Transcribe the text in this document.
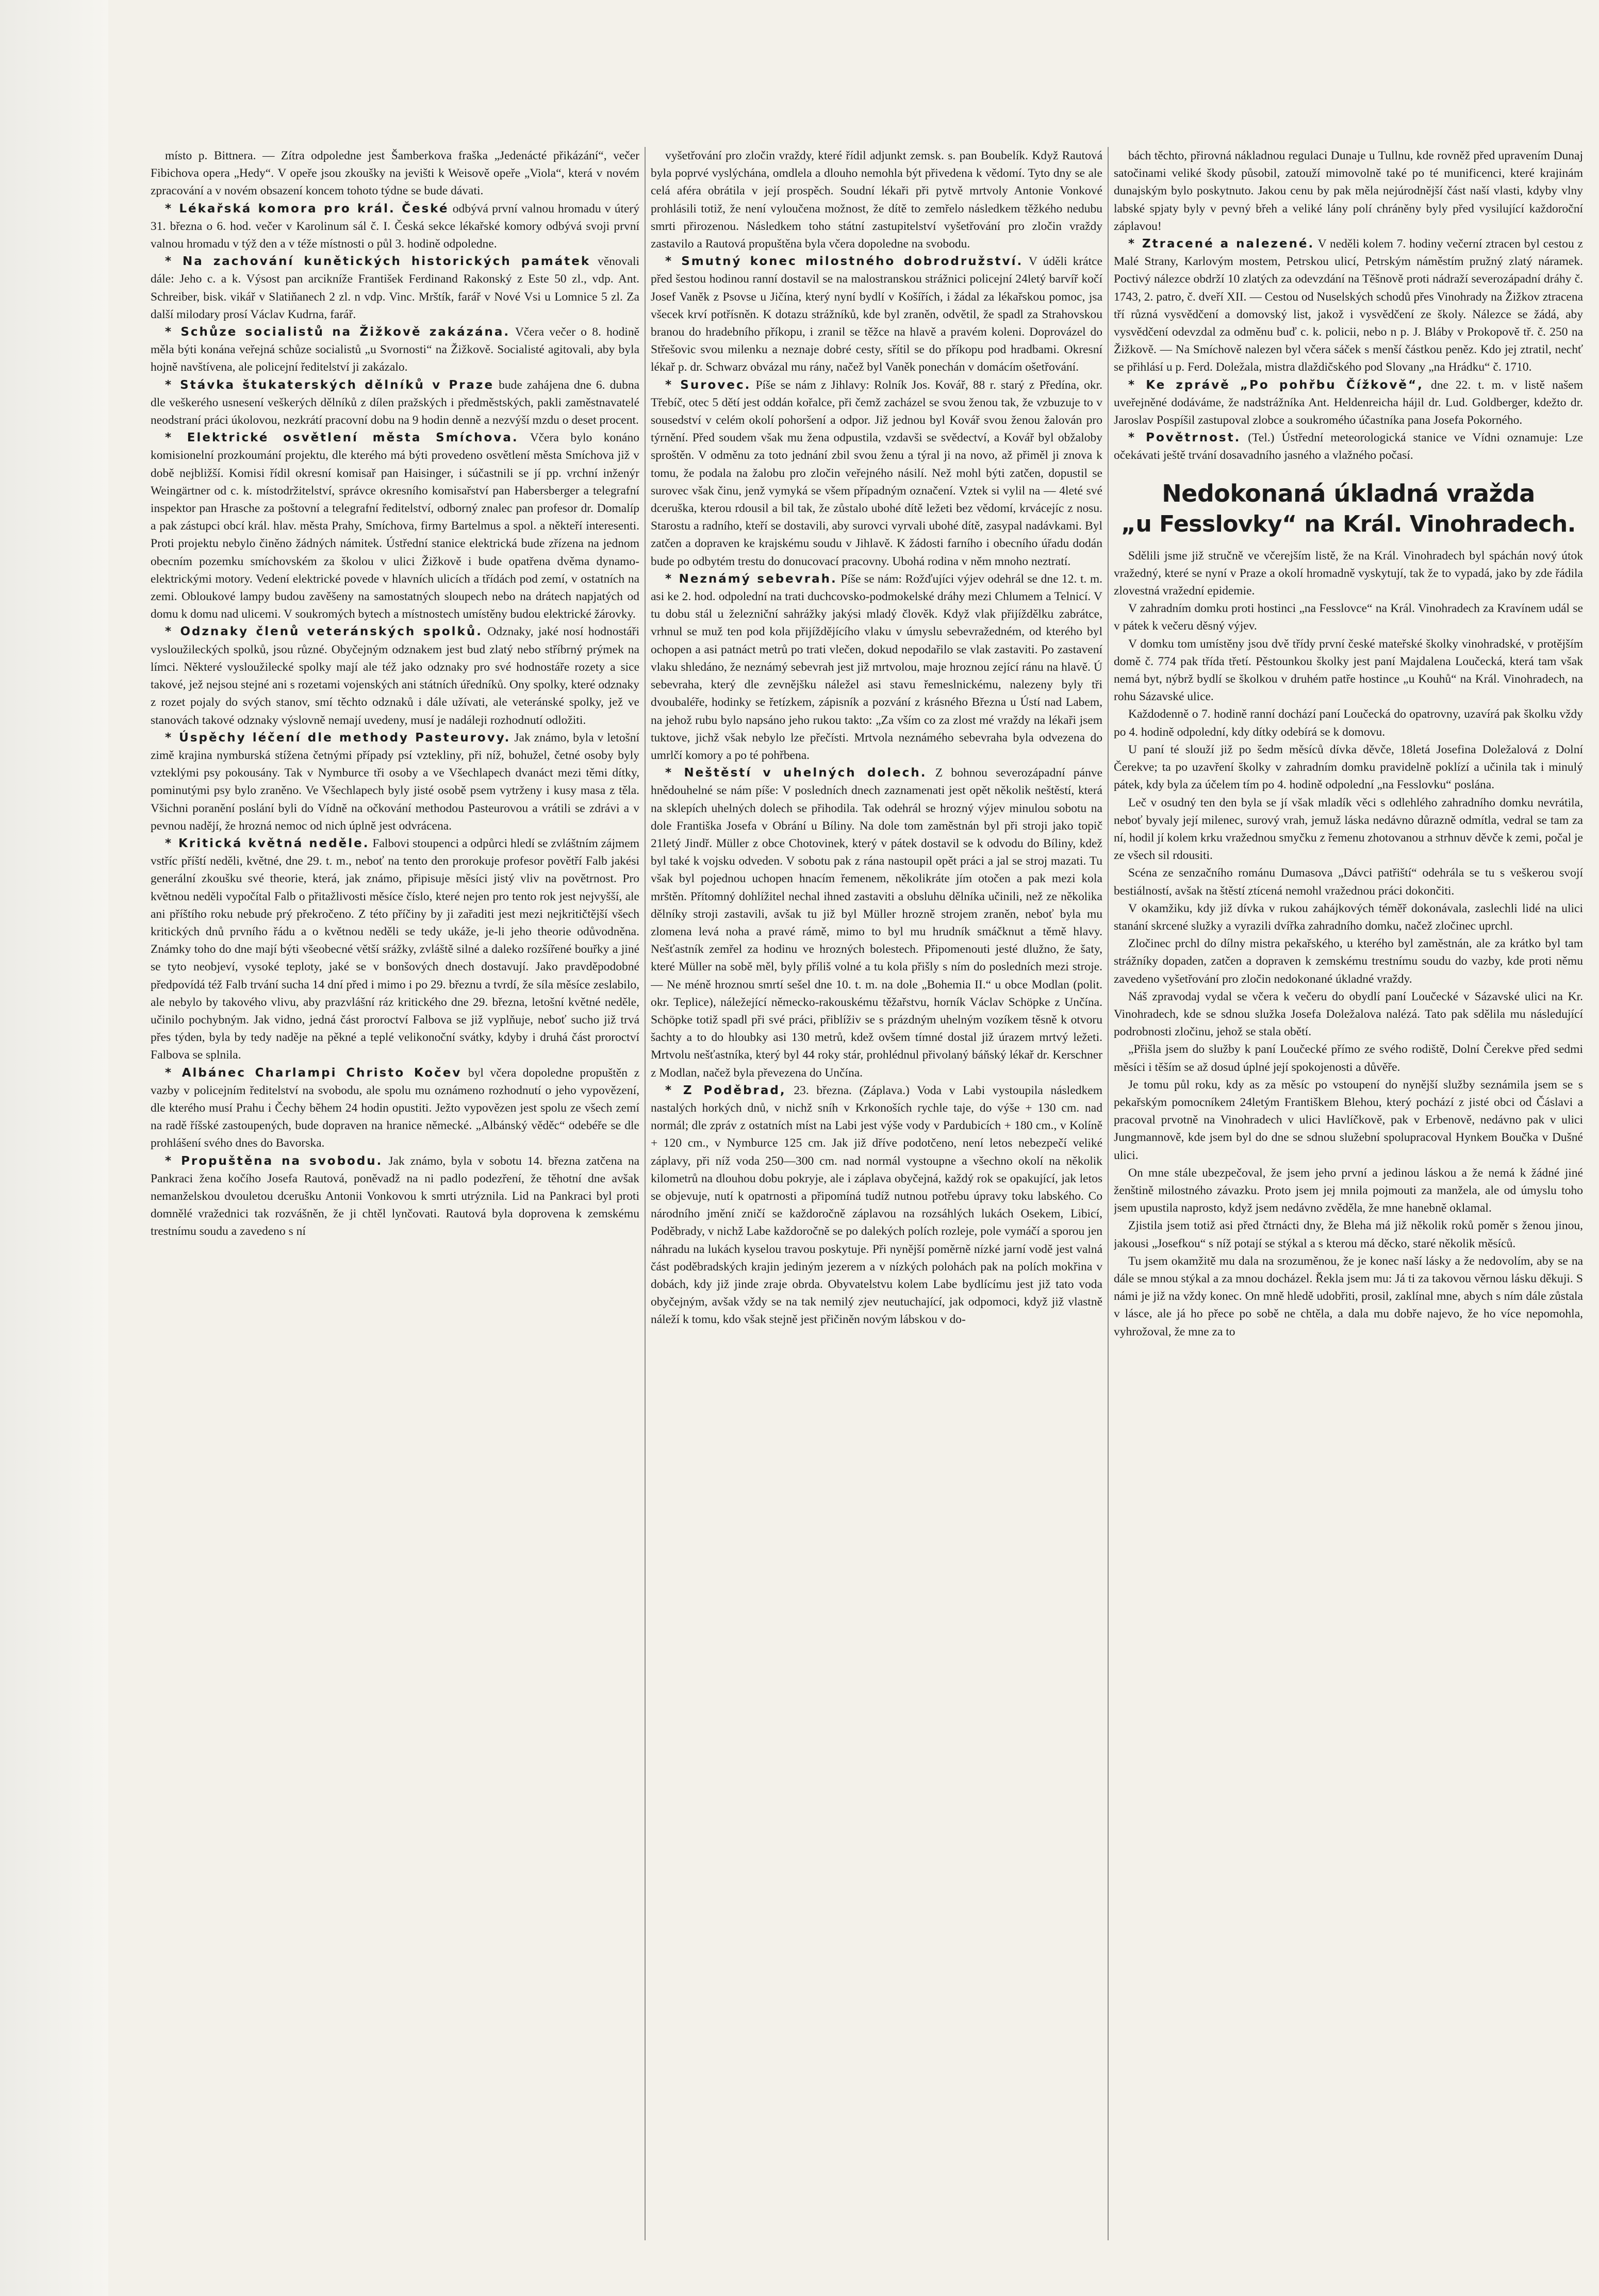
místo p. Bittnera. — Zítra odpoledne jest Šamberkova fraška „Jedenácté přikázání“, večer Fibichova opera „Hedy“. V opeře jsou zkoušky na jevišti k Weisově opeře „Viola“, která v novém zpracování a v novém obsazení koncem tohoto týdne se bude dávati.

* Lékařská komora pro král. České odbývá první valnou hromadu v úterý 31. března o 6. hod. večer v Karolinum sál č. I. Česká sekce lékařské komory odbývá svoji první valnou hromadu v týž den a v téže místnosti o půl 3. hodině odpoledne.

* Na zachování kunětických historických památek věnovali dále: Jeho c. a k. Výsost pan arcikníže František Ferdinand Rakonský z Este 50 zl., vdp. Ant. Schreiber, bisk. vikář v Slatiňanech 2 zl. n vdp. Vinc. Mrštík, farář v Nové Vsi u Lomnice 5 zl. Za další milodary prosí Václav Kudrna, farář.

* Schůze socialistů na Žižkově zakázána. Včera večer o 8. hodině měla býti konána veřejná schůze socialistů „u Svornosti“ na Žižkově. Socialisté agitovali, aby byla hojně navštívena, ale policejní ředitelství ji zakázalo.

* Stávka štukaterských dělníků v Praze bude zahájena dne 6. dubna dle veškerého usnesení veškerých dělníků z dílen pražských i předměstských, pakli zaměstnavatelé neodstraní práci úkolovou, nezkrátí pracovní dobu na 9 hodin denně a nezvýší mzdu o deset procent.

* Elektrické osvětlení města Smíchova. Včera bylo konáno komisionelní prozkoumání projektu, dle kterého má býti provedeno osvětlení města Smíchova již v době nejbližší. Komisi řídil okresní komisař pan Haisinger, i súčastnili se jí pp. vrchní inženýr Weingärtner od c. k. místodržitelství, správce okresního komisařství pan Habersberger a telegrafní inspektor pan Hrasche za poštovní a telegrafní ředitelství, odborný znalec pan profesor dr. Domalíp a pak zástupci obcí král. hlav. města Prahy, Smíchova, firmy Bartelmus a spol. a někteří interesenti. Proti projektu nebylo činěno žádných námitek. Ústřední stanice elektrická bude zřízena na jednom obecním pozemku smíchovském za školou v ulici Žižkově i bude opatřena dvěma dynamo-elektrickými motory. Vedení elektrické povede v hlavních ulicích a třídách pod zemí, v ostatních na zemi. Obloukové lampy budou zavěšeny na samostatných sloupech nebo na drátech napjatých od domu k domu nad ulicemi. V soukromých bytech a místnostech umístěny budou elektrické žárovky.

* Odznaky členů veteránských spolků. Odznaky, jaké nosí hodnostáři vysloužileckých spolků, jsou různé. Obyčejným odznakem jest bud zlatý nebo stříbrný prýmek na límci. Některé vysloužilecké spolky mají ale též jako odznaky pro své hodnostáře rozety a sice takové, jež nejsou stejné ani s rozetami vojenských ani státních úředníků. Ony spolky, které odznaky z rozet pojaly do svých stanov, smí těchto odznaků i dále užívati, ale veteránské spolky, jež ve stanovách takové odznaky výslovně nemají uvedeny, musí je nadáleji rozhodnutí odložiti.

* Úspěchy léčení dle methody Pasteurovy. Jak známo, byla v letošní zimě krajina nymburská stížena četnými případy psí vztekliny, při níž, bohužel, četné osoby byly vzteklými psy pokousány. Tak v Nymburce tři osoby a ve Všechlapech dvanáct mezi těmi dítky, pominutými psy bylo zraněno. Ve Všechlapech byly jisté osobě psem vytrženy i kusy masa z těla. Všichni poranění poslání byli do Vídně na očkování methodou Pasteurovou a vrátili se zdrávi a v pevnou nadějí, že hrozná nemoc od nich úplně jest odvrácena.

* Kritická květná neděle. Falbovi stoupenci a odpůrci hledí se zvláštním zájmem vstříc příští neděli, květné, dne 29. t. m., neboť na tento den prorokuje profesor povětří Falb jakési generální zkoušku své theorie, která, jak známo, připisuje měsíci jistý vliv na povětrnost. Pro květnou neděli vypočítal Falb o přitažlivosti měsíce číslo, které nejen pro tento rok jest nejvyšší, ale ani příštího roku nebude prý překročeno. Z této příčiny by ji zařaditi jest mezi nejkritičtější všech kritických dnů prvního řádu a o květnou neděli se tedy ukáže, je-li jeho theorie odůvodněna. Známky toho do dne mají býti všeobecné větší srážky, zvláště silné a daleko rozšířené bouřky a jiné se tyto neobjeví, vysoké teploty, jaké se v bonšových dnech dostavují. Jako pravděpodobné předpovídá též Falb trvání sucha 14 dní před i mimo i po 29. březnu a tvrdí, že síla měsíce zeslabilo, ale nebylo by takového vlivu, aby prazvlášní ráz kritického dne 29. března, letošní květné neděle, učinilo pochybným. Jak vidno, jedná část proroctví Falbova se již vyplňuje, neboť sucho již trvá přes týden, byla by tedy naděje na pěkné a teplé velikonoční svátky, kdyby i druhá část proroctví Falbova se splnila.

* Albánec Charlampi Christo Kočev byl včera dopoledne propuštěn z vazby v policejním ředitelství na svobodu, ale spolu mu oznámeno rozhodnutí o jeho vypovězení, dle kterého musí Prahu i Čechy během 24 hodin opustiti. Ježto vypovězen jest spolu ze všech zemí na radě říšské zastoupených, bude dopraven na hranice německé. „Albánský věděc“ odebéře se dle prohlášení svého dnes do Bavorska.

* Propuštěna na svobodu. Jak známo, byla v sobotu 14. března zatčena na Pankraci žena kočího Josefa Rautová, poněvadž na ni padlo podezření, že těhotní dne avšak nemanželskou dvouletou dcerušku Antonii Vonkovou k smrti utrýznila. Lid na Pankraci byl proti domnělé vražednici tak rozvášněn, že ji chtěl lynčovati. Rautová byla doprovena k zemskému trestnímu soudu a zavedeno s ní

vyšetřování pro zločin vraždy, které řídil adjunkt zemsk. s. pan Boubelík. Když Rautová byla poprvé vyslýchána, omdlela a dlouho nemohla být přivedena k vědomí. Tyto dny se ale celá aféra obrátila v její prospěch. Soudní lékaři při pytvě mrtvoly Antonie Vonkové prohlásili totiž, že není vyloučena možnost, že dítě to zemřelo následkem těžkého nedubu smrti přirozenou. Následkem toho státní zastupitelství vyšetřování pro zločin vraždy zastavilo a Rautová propuštěna byla včera dopoledne na svobodu.

* Smutný konec milostného dobrodružství. V úděli krátce před šestou hodinou ranní dostavil se na malostranskou strážnici policejní 24letý barvíř kočí Josef Vaněk z Psovse u Jičína, který nyní bydlí v Košířích, i žádal za lékařskou pomoc, jsa všecek krví potřísněn. K dotazu strážníků, kde byl zraněn, odvětil, že spadl za Strahovskou branou do hradebního příkopu, i zranil se těžce na hlavě a pravém koleni. Doprovázel do Střešovic svou milenku a neznaje dobré cesty, sřítil se do příkopu pod hradbami. Okresní lékař p. dr. Schwarz obvázal mu rány, načež byl Vaněk ponechán v domácím ošetřování.

* Surovec. Píše se nám z Jihlavy: Rolník Jos. Kovář, 88 r. starý z Předína, okr. Třebíč, otec 5 dětí jest oddán kořalce, při čemž zacházel se svou ženou tak, že vzbuzuje to v sousedství v celém okolí pohoršení a odpor. Již jednou byl Kovář svou ženou žalován pro týrnění. Před soudem však mu žena odpustila, vzdavši se svědectví, a Kovář byl obžaloby sproštěn. V odměnu za toto jednání zbil svou ženu a týral ji na novo, až přiměl ji znova k tomu, že podala na žalobu pro zločin veřejného násilí. Než mohl býti zatčen, dopustil se surovec však činu, jenž vymyká se všem případným označení. Vztek si vylil na — 4leté své dceruška, kterou rdousil a bil tak, že zůstalo ubohé dítě ležeti bez vědomí, krvácejíc z nosu. Starostu a radního, kteří se dostavili, aby surovci vyrvali ubohé dítě, zasypal nadávkami. Byl zatčen a dopraven ke krajskému soudu v Jihlavě. K žádosti farního i obecního úřadu dodán bude po odbytém trestu do donucovací pracovny. Ubohá rodina v něm mnoho neztratí.

* Neznámý sebevrah. Píše se nám: Rožďujíci výjev odehrál se dne 12. t. m. asi ke 2. hod. odpolední na trati duchcovsko-podmokelské dráhy mezi Chlumem a Telnicí. V tu dobu stál u železniční sahrážky jakýsi mladý člověk. Když vlak přijíždělku zabrátce, vrhnul se muž ten pod kola přijíždějícího vlaku v úmyslu sebevražedném, od kterého byl ochopen a asi patnáct metrů po trati vlečen, dokud nepodařilo se vlak zastaviti. Po zastavení vlaku shledáno, že neznámý sebevrah jest již mrtvolou, maje hroznou zející ránu na hlavě. Ú sebevraha, který dle zevnějšku náležel asi stavu řemeslnickému, nalezeny byly tři dvoubaléře, hodinky se řetízkem, zápisník a pozvání z krásného Března u Ústí nad Labem, na jehož rubu bylo napsáno jeho rukou takto: „Za vším co za zlost mé vraždy na lékaři jsem tuktove, jichž však nebylo lze přečísti. Mrtvola neznámého sebevraha byla odvezena do umrlčí komory a po té pohřbena.

* Neštěstí v uhelných dolech. Z bohnou severozápadní pánve hnědouhelné se nám píše: V posledních dnech zaznamenati jest opět několik neštěstí, která na sklepích uhelných dolech se přihodila. Tak odehrál se hrozný výjev minulou sobotu na dole Františka Josefa v Obrání u Bíliny. Na dole tom zaměstnán byl při stroji jako topič 21letý Jindř. Müller z obce Chotovinek, který v pátek dostavil se k odvodu do Bíliny, kdež byl také k vojsku odveden. V sobotu pak z rána nastoupil opět práci a jal se stroj mazati. Tu však byl pojednou uchopen hnacím řemenem, několikráte jím otočen a pak mezi kola mrštěn. Přítomný dohlížitel nechal ihned zastaviti a obsluhu dělníka učinili, než ze několika dělníky stroji zastavili, avšak tu již byl Müller hrozně strojem zraněn, neboť byla mu zlomena levá noha a pravé rámě, mimo to byl mu hrudník smáčknut a těmě hlavy. Nešťastník zemřel za hodinu ve hrozných bolestech. Připomenouti jesté dlužno, že šaty, které Müller na sobě měl, byly příliš volné a tu kola přišly s ním do posledních mezi stroje. — Ne méně hroznou smrtí sešel dne 10. t. m. na dole „Bohemia II.“ u obce Modlan (polit. okr. Teplice), náležející německo-rakouskému těžařstvu, horník Václav Schöpke z Unčína. Schöpke totiž spadl při své práci, přiblíživ se s prázdným uhelným vozíkem těsně k otvoru šachty a to do hloubky asi 130 metrů, kdež ovšem tímné dostal již úrazem mrtvý ležeti. Mrtvolu nešťastníka, který byl 44 roky stár, prohlédnul přivolaný báňský lékař dr. Kerschner z Modlan, načež byla převezena do Unčína.

* Z Poděbrad, 23. března. (Záplava.) Voda v Labi vystoupila následkem nastalých horkých dnů, v nichž sníh v Krkonoších rychle taje, do výše + 130 cm. nad normál; dle zpráv z ostatních míst na Labi jest výše vody v Pardubicích + 180 cm., v Kolíně + 120 cm., v Nymburce 125 cm. Jak již dříve podotčeno, není letos nebezpečí veliké záplavy, při níž voda 250—300 cm. nad normál vystoupne a všechno okolí na několik kilometrů na dlouhou dobu pokryje, ale i záplava obyčejná, každý rok se opakující, jak letos se objevuje, nutí k opatrnosti a připomíná tudíž nutnou potřebu úpravy toku labského. Co národního jmění zničí se každoročně záplavou na rozsáhlých lukách Osekem, Libicí, Poděbrady, v nichž Labe každoročně se po dalekých polích rozleje, pole vymáčí a sporou jen náhradu na lukách kyselou travou poskytuje. Při nynější poměrně nízké jarní vodě jest valná část poděbradských krajin jediným jezerem a v nízkých polohách pak na polích mokřina v dobách, kdy již jinde zraje obrda. Obyvatelstvu kolem Labe bydlícímu jest již tato voda obyčejným, avšak vždy se na tak nemilý zjev neutuchající, jak odpomoci, když již vlastně náleží k tomu, kdo však stejně jest přičiněn novým lábskou v do-

bách těchto, přirovná nákladnou regulaci Dunaje u Tullnu, kde rovněž před upravením Dunaj satočinami veliké škody působil, zatouží mimovolně také po té munificenci, které krajinám dunajským bylo poskytnuto. Jakou cenu by pak měla nejúrodnější část naší vlasti, kdyby vlny labské spjaty byly v pevný břeh a veliké lány polí chráněny byly před vysilující každoroční záplavou!

* Ztracené a nalezené. V neděli kolem 7. hodiny večerní ztracen byl cestou z Malé Strany, Karlovým mostem, Petrskou ulicí, Petrským náměstím pružný zlatý náramek. Poctivý nálezce obdrží 10 zlatých za odevzdání na Těšnově proti nádraží severozápadní dráhy č. 1743, 2. patro, č. dveří XII. — Cestou od Nuselských schodů přes Vinohrady na Žižkov ztracena tří různá vysvědčení a domovský list, jakož i vysvědčení ze školy. Nálezce se žádá, aby vysvědčení odevzdal za odměnu buď c. k. policii, nebo n p. J. Bláby v Prokopově tř. č. 250 na Žižkově. — Na Smíchově nalezen byl včera sáček s menší částkou peněz. Kdo jej ztratil, nechť se přihlásí u p. Ferd. Doležala, mistra dlaždičského pod Slovany „na Hrádku“ č. 1710.

* Ke zprávě „Po pohřbu Čížkově“, dne 22. t. m. v listě našem uveřejněné dodáváme, že nadstrážníka Ant. Heldenreicha hájil dr. Lud. Goldberger, kdežto dr. Jaroslav Pospíšil zastupoval zlobce a soukromého účastníka pana Josefa Pokorného.

* Povětrnost. (Tel.) Ústřední meteorologická stanice ve Vídni oznamuje: Lze očekávati ještě trvání dosavadního jasného a vlažného počasí.

Nedokonaná úkladná vražda
„u Fesslovky“ na Král. Vinohradech.

Sdělili jsme již stručně ve včerejším listě, že na Král. Vinohradech byl spáchán nový útok vražedný, které se nyní v Praze a okolí hromadně vyskytují, tak že to vypadá, jako by zde řádila zlovestná vražední epidemie.

V zahradním domku proti hostinci „na Fesslovce“ na Král. Vinohradech za Kravínem udál se v pátek k večeru děsný výjev.

V domku tom umístěny jsou dvě třídy první české mateřské školky vinohradské, v protějším domě č. 774 pak třída třetí. Pěstounkou školky jest paní Majdalena Loučecká, která tam však nemá byt, nýbrž bydlí se školkou v druhém patře hostince „u Kouhů“ na Král. Vinohradech, na rohu Sázavské ulice.

Každodenně o 7. hodině ranní dochází paní Loučecká do opatrovny, uzavírá pak školku vždy po 4. hodině odpolední, kdy dítky odebírá se k domovu.

U paní té slouží již po šedm měsíců dívka děvče, 18letá Josefina Doležalová z Dolní Čerekve; ta po uzavření školky v zahradním domku pravidelně poklízí a učinila tak i minulý pátek, kdy byla za účelem tím po 4. hodině odpolední „na Fesslovku“ poslána.

Leč v osudný ten den byla se jí však mladík věci s odlehlého zahradního domku nevrátila, neboť byvaly její milenec, surový vrah, jemuž láska nedávno důrazně odmítla, vedral se tam za ní, hodil jí kolem krku vražednou smyčku z řemenu zhotovanou a strhnuv děvče k zemi, počal je ze všech sil rdousiti.

Scéna ze senzačního románu Dumasova „Dávci patřiští“ odehrála se tu s veškerou svojí bestiálností, avšak na štěstí ztícená nemohl vražednou práci dokončiti.

V okamžiku, kdy již dívka v rukou zahájkových téměř dokonávala, zaslechli lidé na ulici stanání skrcené služky a vyrazili dvířka zahradního domku, načež zločinec uprchl.

Zločinec prchl do dílny mistra pekařského, u kterého byl zaměstnán, ale za krátko byl tam strážníky dopaden, zatčen a dopraven k zemskému trestnímu soudu do vazby, kde proti němu zavedeno vyšetřování pro zločin nedokonané úkladné vraždy.

Náš zpravodaj vydal se včera k večeru do obydlí paní Loučecké v Sázavské ulici na Kr. Vinohradech, kde se sdnou služka Josefa Doležalova nalézá. Tato pak sdělila mu následující podrobnosti zločinu, jehož se stala obětí.

„Přišla jsem do služby k paní Loučecké přímo ze svého rodiště, Dolní Čerekve před sedmi měsíci i těším se až dosud úplné její spokojenosti a důvěře.

Je tomu půl roku, kdy as za měsíc po vstoupení do nynější služby seznámila jsem se s pekařským pomocníkem 24letým Františkem Blehou, který pochází z jisté obci od Čáslavi a pracoval prvotně na Vinohradech v ulici Havlíčkově, pak v Erbenově, nedávno pak v ulici Jungmannově, kde jsem byl do dne se sdnou služební spolupracoval Hynkem Boučka v Dušné ulici.

On mne stále ubezpečoval, že jsem jeho první a jedinou láskou a že nemá k žádné jiné ženštině milostného závazku. Proto jsem jej mnila pojmouti za manžela, ale od úmyslu toho jsem upustila naprosto, když jsem nedávno zvěděla, že mne hanebně oklamal.

Zjistila jsem totiž asi před čtrnácti dny, že Bleha má již několik roků poměr s ženou jinou, jakousi „Josefkou“ s níž potají se stýkal a s kterou má děcko, staré několik měsíců.

Tu jsem okamžitě mu dala na srozuměnou, že je konec naší lásky a že nedovolím, aby se na dále se mnou stýkal a za mnou docházel. Řekla jsem mu: Já ti za takovou věrnou lásku děkuji. S námi je již na vždy konec. On mně hledě udobřiti, prosil, zaklínal mne, abych s ním dále zůstala v lásce, ale já ho přece po sobě ne chtěla, a dala mu dobře najevo, že ho více nepomohla, vyhrožoval, že mne za to
